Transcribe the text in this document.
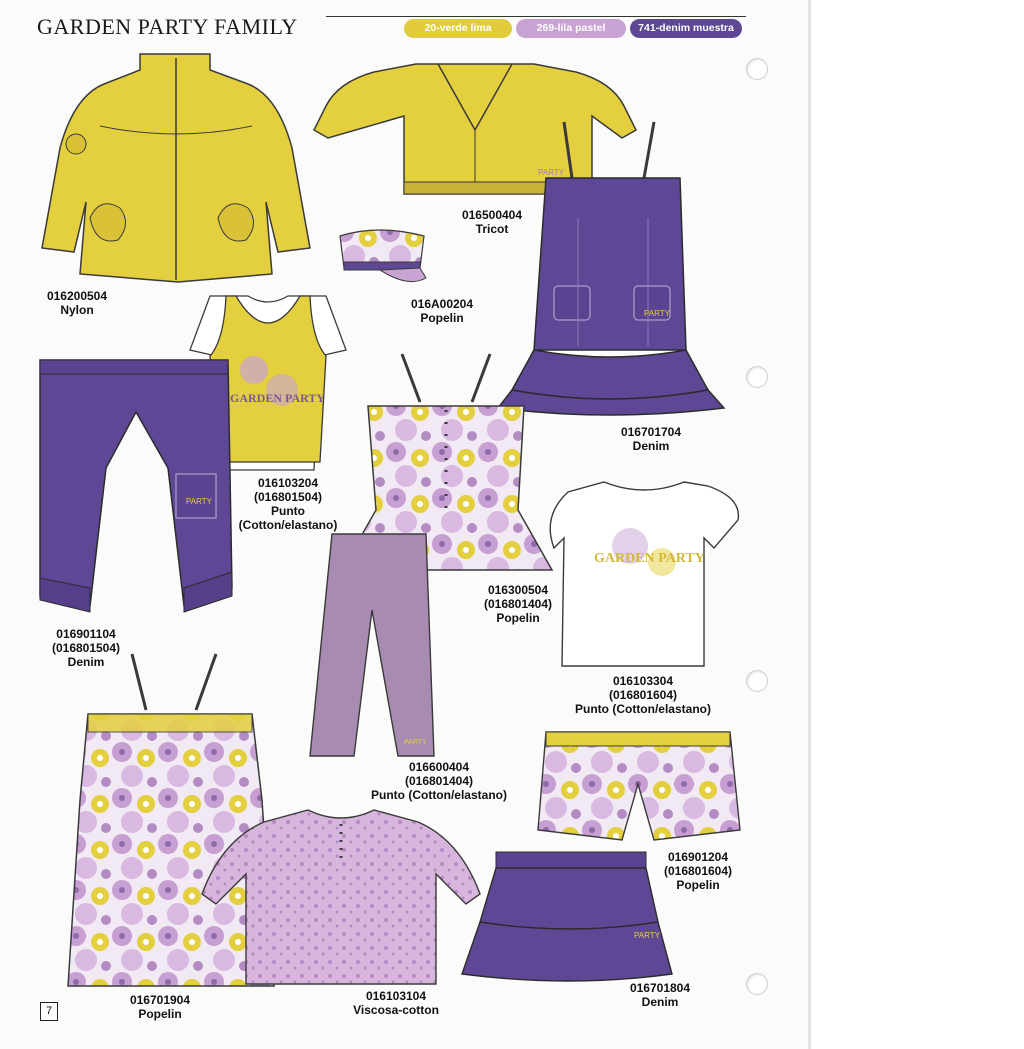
GARDEN PARTY FAMILY	20-verde lima	269-lila pastel	741-denim muestra
016200504
Nylon
PARTY
016500404
Tricot
016A00204
Popelin	PARTY
016701704
Denim
GARDEN PARTY
016103204
(016801504)
Punto
(Cotton/elastano)
PARTY
016901104
(016801504)
Denim
016300504
(016801404)
Popelin
GARDEN PARTY
016103304
(016801604)
Punto (Cotton/elastano)
PARTY
016600404
(016801404)
Punto (Cotton/elastano)
016901204
(016801604)
Popelin
016701904
Popelin
016103104
Viscosa-cotton
PARTY
016701804
Denim
7
